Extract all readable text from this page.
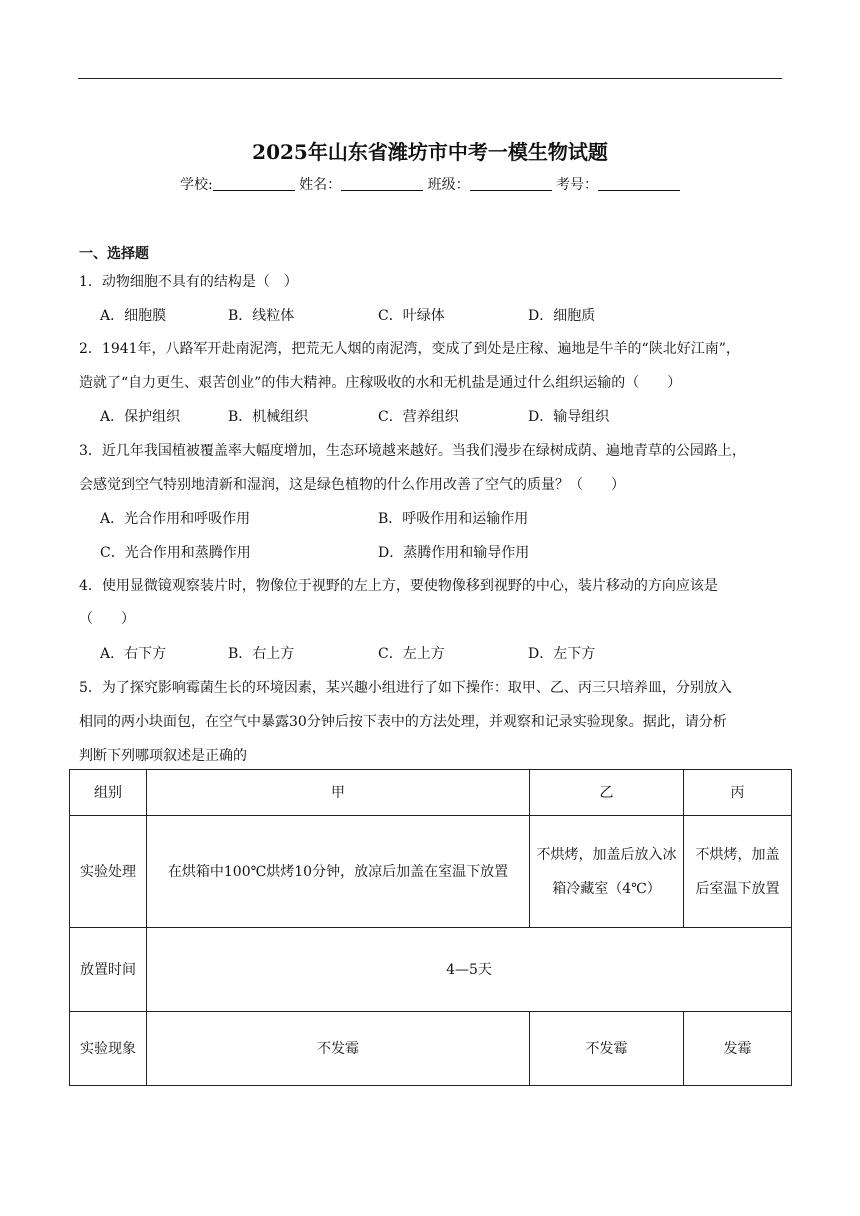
2025年山东省潍坊市中考一模生物试题
学校:	姓名：	班级：	考号：
一、选择题
1．动物细胞不具有的结构是（　）
A．细胞膜	B．线粒体	C．叶绿体	D．细胞质
2．1941年，八路军开赴南泥湾，把荒无人烟的南泥湾，变成了到处是庄稼、遍地是牛羊的“陕北好江南”，
造就了“自力更生、艰苦创业”的伟大精神。庄稼吸收的水和无机盐是通过什么组织运输的（　　）
A．保护组织	B．机械组织	C．营养组织	D．输导组织
3．近几年我国植被覆盖率大幅度增加，生态环境越来越好。当我们漫步在绿树成荫、遍地青草的公园路上，
会感觉到空气特别地清新和湿润，这是绿色植物的什么作用改善了空气的质量？（　　）
A．光合作用和呼吸作用	B．呼吸作用和运输作用
C．光合作用和蒸腾作用	D．蒸腾作用和输导作用
4．使用显微镜观察装片时，物像位于视野的左上方，要使物像移到视野的中心，装片移动的方向应该是
（　　）
A．右下方	B．右上方	C．左上方	D．左下方
5．为了探究影响霉菌生长的环境因素，某兴趣小组进行了如下操作：取甲、乙、丙三只培养皿，分别放入
相同的两小块面包，在空气中暴露30分钟后按下表中的方法处理，并观察和记录实验现象。据此，请分析
判断下列哪项叙述是正确的
组别	甲	乙	丙
实验处理	在烘箱中100℃烘烤10分钟，放凉后加盖在室温下放置	不烘烤，加盖后放入冰箱冷藏室（4℃）	不烘烤，加盖后室温下放置
放置时间	4—5天		
实验现象	不发霉	不发霉	发霉
